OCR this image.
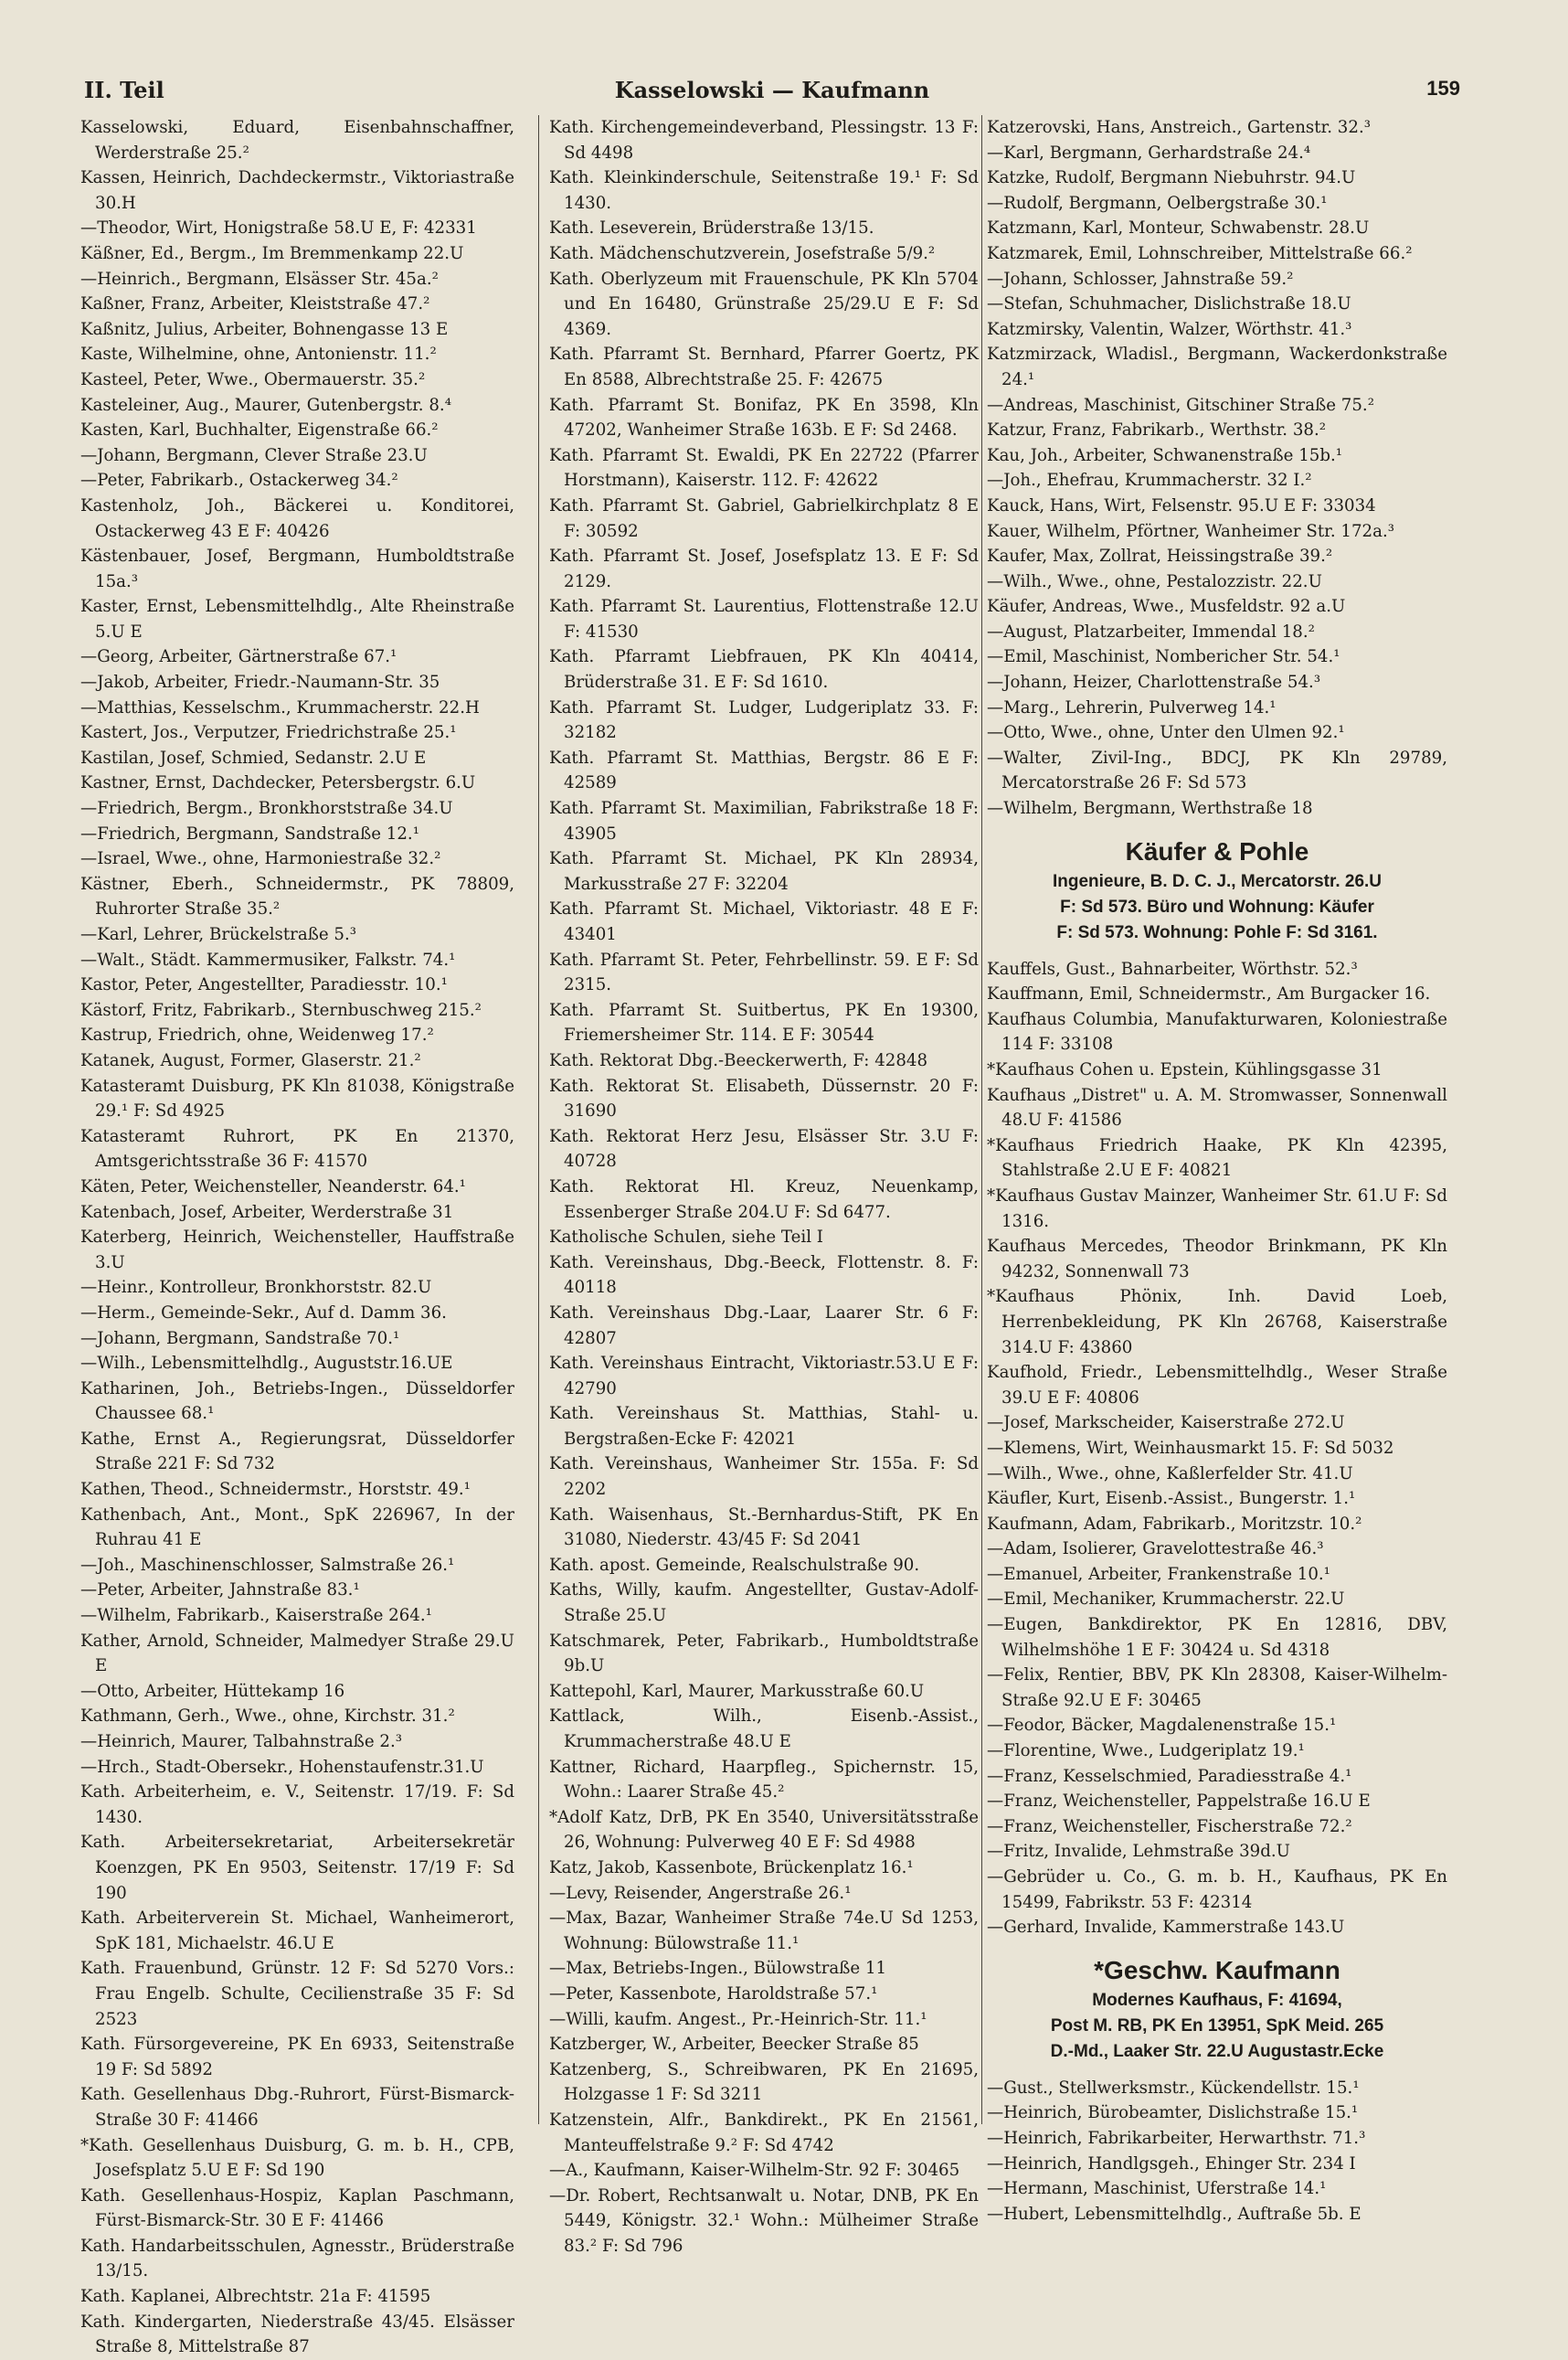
II. Teil	Kasselowski — Kaufmann	159
Kasselowski, Eduard, Eisenbahnschaffner, Werderstraße 25.²
Kassen, Heinrich, Dachdeckermstr., Viktoriastraße 30.H
—Theodor, Wirt, Honigstraße 58.U E, F: 42331
Käßner, Ed., Bergm., Im Bremmenkamp 22.U
—Heinrich., Bergmann, Elsässer Str. 45a.²
Kaßner, Franz, Arbeiter, Kleiststraße 47.²
Kaßnitz, Julius, Arbeiter, Bohnengasse 13 E
Kaste, Wilhelmine, ohne, Antonienstr. 11.²
Kasteel, Peter, Wwe., Obermauerstr. 35.²
Kasteleiner, Aug., Maurer, Gutenbergstr. 8.⁴
Kasten, Karl, Buchhalter, Eigenstraße 66.²
—Johann, Bergmann, Clever Straße 23.U
—Peter, Fabrikarb., Ostackerweg 34.²
Kastenholz, Joh., Bäckerei u. Konditorei, Ostackerweg 43 E F: 40426
Kästenbauer, Josef, Bergmann, Humboldtstraße 15a.³
Kaster, Ernst, Lebensmittelhdlg., Alte Rheinstraße 5.U E
—Georg, Arbeiter, Gärtnerstraße 67.¹
—Jakob, Arbeiter, Friedr.-Naumann-Str. 35
—Matthias, Kesselschm., Krummacherstr. 22.H
Kastert, Jos., Verputzer, Friedrichstraße 25.¹
Kastilan, Josef, Schmied, Sedanstr. 2.U E
Kastner, Ernst, Dachdecker, Petersbergstr. 6.U
—Friedrich, Bergm., Bronkhorststraße 34.U
—Friedrich, Bergmann, Sandstraße 12.¹
—Israel, Wwe., ohne, Harmoniestraße 32.²
Kästner, Eberh., Schneidermstr., PK 78809, Ruhrorter Straße 35.²
—Karl, Lehrer, Brückelstraße 5.³
—Walt., Städt. Kammermusiker, Falkstr. 74.¹
Kastor, Peter, Angestellter, Paradiesstr. 10.¹
Kästorf, Fritz, Fabrikarb., Sternbuschweg 215.²
Kastrup, Friedrich, ohne, Weidenweg 17.²
Katanek, August, Former, Glaserstr. 21.²
Katasteramt Duisburg, PK Kln 81038, Königstraße 29.¹ F: Sd 4925
Katasteramt Ruhrort, PK En 21370, Amtsgerichtsstraße 36 F: 41570
Käten, Peter, Weichensteller, Neanderstr. 64.¹
Katenbach, Josef, Arbeiter, Werderstraße 31
Katerberg, Heinrich, Weichensteller, Hauffstraße 3.U
—Heinr., Kontrolleur, Bronkhorststr. 82.U
—Herm., Gemeinde-Sekr., Auf d. Damm 36.
—Johann, Bergmann, Sandstraße 70.¹
—Wilh., Lebensmittelhdlg., Auguststr.16.UE
Katharinen, Joh., Betriebs-Ingen., Düsseldorfer Chaussee 68.¹
Kathe, Ernst A., Regierungsrat, Düsseldorfer Straße 221 F: Sd 732
Kathen, Theod., Schneidermstr., Horststr. 49.¹
Kathenbach, Ant., Mont., SpK 226967, In der Ruhrau 41 E
—Joh., Maschinenschlosser, Salmstraße 26.¹
—Peter, Arbeiter, Jahnstraße 83.¹
—Wilhelm, Fabrikarb., Kaiserstraße 264.¹
Kather, Arnold, Schneider, Malmedyer Straße 29.U E
—Otto, Arbeiter, Hüttekamp 16
Kathmann, Gerh., Wwe., ohne, Kirchstr. 31.²
—Heinrich, Maurer, Talbahnstraße 2.³
—Hrch., Stadt-Obersekr., Hohenstaufenstr.31.U
Kath. Arbeiterheim, e. V., Seitenstr. 17/19. F: Sd 1430.
Kath. Arbeitersekretariat, Arbeitersekretär Koenzgen, PK En 9503, Seitenstr. 17/19 F: Sd 190
Kath. Arbeiterverein St. Michael, Wanheimerort, SpK 181, Michaelstr. 46.U E
Kath. Frauenbund, Grünstr. 12 F: Sd 5270 Vors.: Frau Engelb. Schulte, Cecilienstraße 35 F: Sd 2523
Kath. Fürsorgevereine, PK En 6933, Seitenstraße 19 F: Sd 5892
Kath. Gesellenhaus Dbg.-Ruhrort, Fürst-Bismarck-Straße 30 F: 41466
*Kath. Gesellenhaus Duisburg, G. m. b. H., CPB, Josefsplatz 5.U E F: Sd 190
Kath. Gesellenhaus-Hospiz, Kaplan Paschmann, Fürst-Bismarck-Str. 30 E F: 41466
Kath. Handarbeitsschulen, Agnesstr., Brüderstraße 13/15.
Kath. Kaplanei, Albrechtstr. 21a F: 41595
Kath. Kindergarten, Niederstraße 43/45. Elsässer Straße 8, Mittelstraße 87
Kath. Kirchengemeindeverband, Plessingstr. 13 F: Sd 4498
Kath. Kleinkinderschule, Seitenstraße 19.¹ F: Sd 1430.
Kath. Leseverein, Brüderstraße 13/15.
Kath. Mädchenschutzverein, Josefstraße 5/9.²
Kath. Oberlyzeum mit Frauenschule, PK Kln 5704 und En 16480, Grünstraße 25/29.U E F: Sd 4369.
Kath. Pfarramt St. Bernhard, Pfarrer Goertz, PK En 8588, Albrechtstraße 25. F: 42675
Kath. Pfarramt St. Bonifaz, PK En 3598, Kln 47202, Wanheimer Straße 163b. E F: Sd 2468.
Kath. Pfarramt St. Ewaldi, PK En 22722 (Pfarrer Horstmann), Kaiserstr. 112. F: 42622
Kath. Pfarramt St. Gabriel, Gabrielkirchplatz 8 E F: 30592
Kath. Pfarramt St. Josef, Josefsplatz 13. E F: Sd 2129.
Kath. Pfarramt St. Laurentius, Flottenstraße 12.U F: 41530
Kath. Pfarramt Liebfrauen, PK Kln 40414, Brüderstraße 31. E F: Sd 1610.
Kath. Pfarramt St. Ludger, Ludgeriplatz 33. F: 32182
Kath. Pfarramt St. Matthias, Bergstr. 86 E F: 42589
Kath. Pfarramt St. Maximilian, Fabrikstraße 18 F: 43905
Kath. Pfarramt St. Michael, PK Kln 28934, Markusstraße 27 F: 32204
Kath. Pfarramt St. Michael, Viktoriastr. 48 E F: 43401
Kath. Pfarramt St. Peter, Fehrbellinstr. 59. E F: Sd 2315.
Kath. Pfarramt St. Suitbertus, PK En 19300, Friemersheimer Str. 114. E F: 30544
Kath. Rektorat Dbg.-Beeckerwerth, F: 42848
Kath. Rektorat St. Elisabeth, Düssernstr. 20 F: 31690
Kath. Rektorat Herz Jesu, Elsässer Str. 3.U F: 40728
Kath. Rektorat Hl. Kreuz, Neuenkamp, Essenberger Straße 204.U F: Sd 6477.
Katholische Schulen, siehe Teil I
Kath. Vereinshaus, Dbg.-Beeck, Flottenstr. 8. F: 40118
Kath. Vereinshaus Dbg.-Laar, Laarer Str. 6 F: 42807
Kath. Vereinshaus Eintracht, Viktoriastr.53.U E F: 42790
Kath. Vereinshaus St. Matthias, Stahl- u. Bergstraßen-Ecke F: 42021
Kath. Vereinshaus, Wanheimer Str. 155a. F: Sd 2202
Kath. Waisenhaus, St.-Bernhardus-Stift, PK En 31080, Niederstr. 43/45 F: Sd 2041
Kath. apost. Gemeinde, Realschulstraße 90.
Kaths, Willy, kaufm. Angestellter, Gustav-Adolf-Straße 25.U
Katschmarek, Peter, Fabrikarb., Humboldtstraße 9b.U
Kattepohl, Karl, Maurer, Markusstraße 60.U
Kattlack, Wilh., Eisenb.-Assist., Krummacherstraße 48.U E
Kattner, Richard, Haarpfleg., Spichernstr. 15, Wohn.: Laarer Straße 45.²
*Adolf Katz, DrB, PK En 3540, Universitätsstraße 26, Wohnung: Pulverweg 40 E F: Sd 4988
Katz, Jakob, Kassenbote, Brückenplatz 16.¹
—Levy, Reisender, Angerstraße 26.¹
—Max, Bazar, Wanheimer Straße 74e.U Sd 1253, Wohnung: Bülowstraße 11.¹
—Max, Betriebs-Ingen., Bülowstraße 11
—Peter, Kassenbote, Haroldstraße 57.¹
—Willi, kaufm. Angest., Pr.-Heinrich-Str. 11.¹
Katzberger, W., Arbeiter, Beecker Straße 85
Katzenberg, S., Schreibwaren, PK En 21695, Holzgasse 1 F: Sd 3211
Katzenstein, Alfr., Bankdirekt., PK En 21561, Manteuffelstraße 9.² F: Sd 4742
—A., Kaufmann, Kaiser-Wilhelm-Str. 92 F: 30465
—Dr. Robert, Rechtsanwalt u. Notar, DNB, PK En 5449, Königstr. 32.¹ Wohn.: Mülheimer Straße 83.² F: Sd 796
Katzerovski, Hans, Anstreich., Gartenstr. 32.³
—Karl, Bergmann, Gerhardstraße 24.⁴
Katzke, Rudolf, Bergmann Niebuhrstr. 94.U
—Rudolf, Bergmann, Oelbergstraße 30.¹
Katzmann, Karl, Monteur, Schwabenstr. 28.U
Katzmarek, Emil, Lohnschreiber, Mittelstraße 66.²
—Johann, Schlosser, Jahnstraße 59.²
—Stefan, Schuhmacher, Dislichstraße 18.U
Katzmirsky, Valentin, Walzer, Wörthstr. 41.³
Katzmirzack, Wladisl., Bergmann, Wackerdonkstraße 24.¹
—Andreas, Maschinist, Gitschiner Straße 75.²
Katzur, Franz, Fabrikarb., Werthstr. 38.²
Kau, Joh., Arbeiter, Schwanenstraße 15b.¹
—Joh., Ehefrau, Krummacherstr. 32 I.²
Kauck, Hans, Wirt, Felsenstr. 95.U E F: 33034
Kauer, Wilhelm, Pförtner, Wanheimer Str. 172a.³
Kaufer, Max, Zollrat, Heissingstraße 39.²
—Wilh., Wwe., ohne, Pestalozzistr. 22.U
Käufer, Andreas, Wwe., Musfeldstr. 92 a.U
—August, Platzarbeiter, Immendal 18.²
—Emil, Maschinist, Nombericher Str. 54.¹
—Johann, Heizer, Charlottenstraße 54.³
—Marg., Lehrerin, Pulverweg 14.¹
—Otto, Wwe., ohne, Unter den Ulmen 92.¹
—Walter, Zivil-Ing., BDCJ, PK Kln 29789, Mercatorstraße 26 F: Sd 573
—Wilhelm, Bergmann, Werthstraße 18
Käufer & Pohle
Ingenieure, B. D. C. J., Mercatorstr. 26.U
F: Sd 573. Büro und Wohnung: Käufer
F: Sd 573. Wohnung: Pohle F: Sd 3161.
Kauffels, Gust., Bahnarbeiter, Wörthstr. 52.³
Kauffmann, Emil, Schneidermstr., Am Burgacker 16.
Kaufhaus Columbia, Manufakturwaren, Koloniestraße 114 F: 33108
*Kaufhaus Cohen u. Epstein, Kühlingsgasse 31
Kaufhaus „Distret" u. A. M. Stromwasser, Sonnenwall 48.U F: 41586
*Kaufhaus Friedrich Haake, PK Kln 42395, Stahlstraße 2.U E F: 40821
*Kaufhaus Gustav Mainzer, Wanheimer Str. 61.U F: Sd 1316.
Kaufhaus Mercedes, Theodor Brinkmann, PK Kln 94232, Sonnenwall 73
*Kaufhaus Phönix, Inh. David Loeb, Herrenbekleidung, PK Kln 26768, Kaiserstraße 314.U F: 43860
Kaufhold, Friedr., Lebensmittelhdlg., Weser Straße 39.U E F: 40806
—Josef, Markscheider, Kaiserstraße 272.U
—Klemens, Wirt, Weinhausmarkt 15. F: Sd 5032
—Wilh., Wwe., ohne, Kaßlerfelder Str. 41.U
Käufler, Kurt, Eisenb.-Assist., Bungerstr. 1.¹
Kaufmann, Adam, Fabrikarb., Moritzstr. 10.²
—Adam, Isolierer, Gravelottestraße 46.³
—Emanuel, Arbeiter, Frankenstraße 10.¹
—Emil, Mechaniker, Krummacherstr. 22.U
—Eugen, Bankdirektor, PK En 12816, DBV, Wilhelmshöhe 1 E F: 30424 u. Sd 4318
—Felix, Rentier, BBV, PK Kln 28308, Kaiser-Wilhelm-Straße 92.U E F: 30465
—Feodor, Bäcker, Magdalenenstraße 15.¹
—Florentine, Wwe., Ludgeriplatz 19.¹
—Franz, Kesselschmied, Paradiesstraße 4.¹
—Franz, Weichensteller, Pappelstraße 16.U E
—Franz, Weichensteller, Fischerstraße 72.²
—Fritz, Invalide, Lehmstraße 39d.U
—Gebrüder u. Co., G. m. b. H., Kaufhaus, PK En 15499, Fabrikstr. 53 F: 42314
—Gerhard, Invalide, Kammerstraße 143.U
*Geschw. Kaufmann
Modernes Kaufhaus, F: 41694,
Post M. RB, PK En 13951, SpK Meid. 265
D.-Md., Laaker Str. 22.U Augustastr.Ecke
—Gust., Stellwerksmstr., Kückendellstr. 15.¹
—Heinrich, Bürobeamter, Dislichstraße 15.¹
—Heinrich, Fabrikarbeiter, Herwarthstr. 71.³
—Heinrich, Handlgsgeh., Ehinger Str. 234 I
—Hermann, Maschinist, Uferstraße 14.¹
—Hubert, Lebensmittelhdlg., Auftraße 5b. E
